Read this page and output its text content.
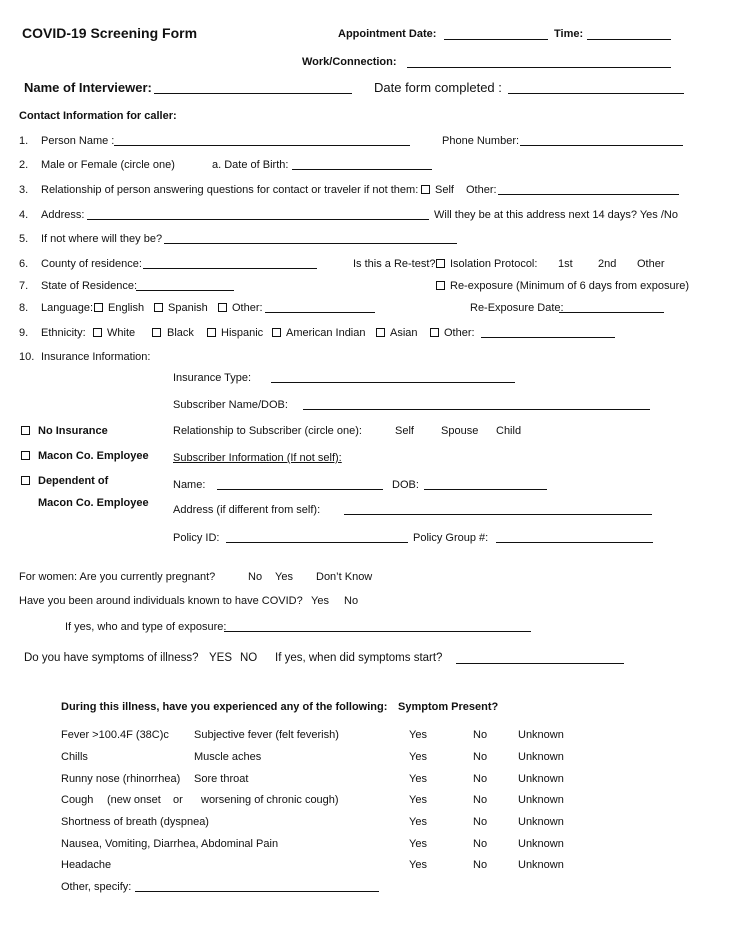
COVID-19 Screening Form	Appointment Date:	Time:
Work/Connection:
Name of Interviewer:	Date form completed :
Contact Information for caller:
1. Person Name :	Phone Number:
2. Male or Female (circle one)	a. Date of Birth:
3. Relationship of person answering questions for contact or traveler if not them: Self Other:
4. Address:	Will they be at this address next 14 days? Yes /No
5. If not where will they be?
6. County of residence:	Is this a Re-test? Isolation Protocol: 1st 2nd Other
7. State of Residence:	Re-exposure (Minimum of 6 days from exposure)
8. Language: English Spanish Other:	Re-Exposure Date:
9. Ethnicity: White	Black Hispanic American Indian Asian Other:
10. Insurance Information:
Insurance Type:
Subscriber Name/DOB:
No Insurance	Relationship to Subscriber (circle one):	Self Spouse Child
Macon Co. Employee Subscriber Information (If not self):
Dependent of	Name:	DOB:
Macon Co. Employee
Address (if different from self):
Policy ID:	Policy Group #:
For women: Are you currently pregnant?	No Yes Don’t Know
Have you been around individuals known to have COVID? Yes No
If yes, who and type of exposure:
Do you have symptoms of illness? YES NO If yes, when did symptoms start?
During this illness, have you experienced any of the following: Symptom Present?
Fever >100.4F (38C)c Subjective fever (felt feverish)	Yes	No	Unknown
Chills	Muscle aches	Yes	No	Unknown
Runny nose (rhinorrhea) Sore throat	Yes	No	Unknown
Cough (new onset or worsening of chronic cough)	Yes	No	Unknown
Shortness of breath (dyspnea)	Yes	No	Unknown
Nausea, Vomiting, Diarrhea, Abdominal Pain	Yes	No	Unknown
Headache	Yes	No	Unknown
Other, specify:
